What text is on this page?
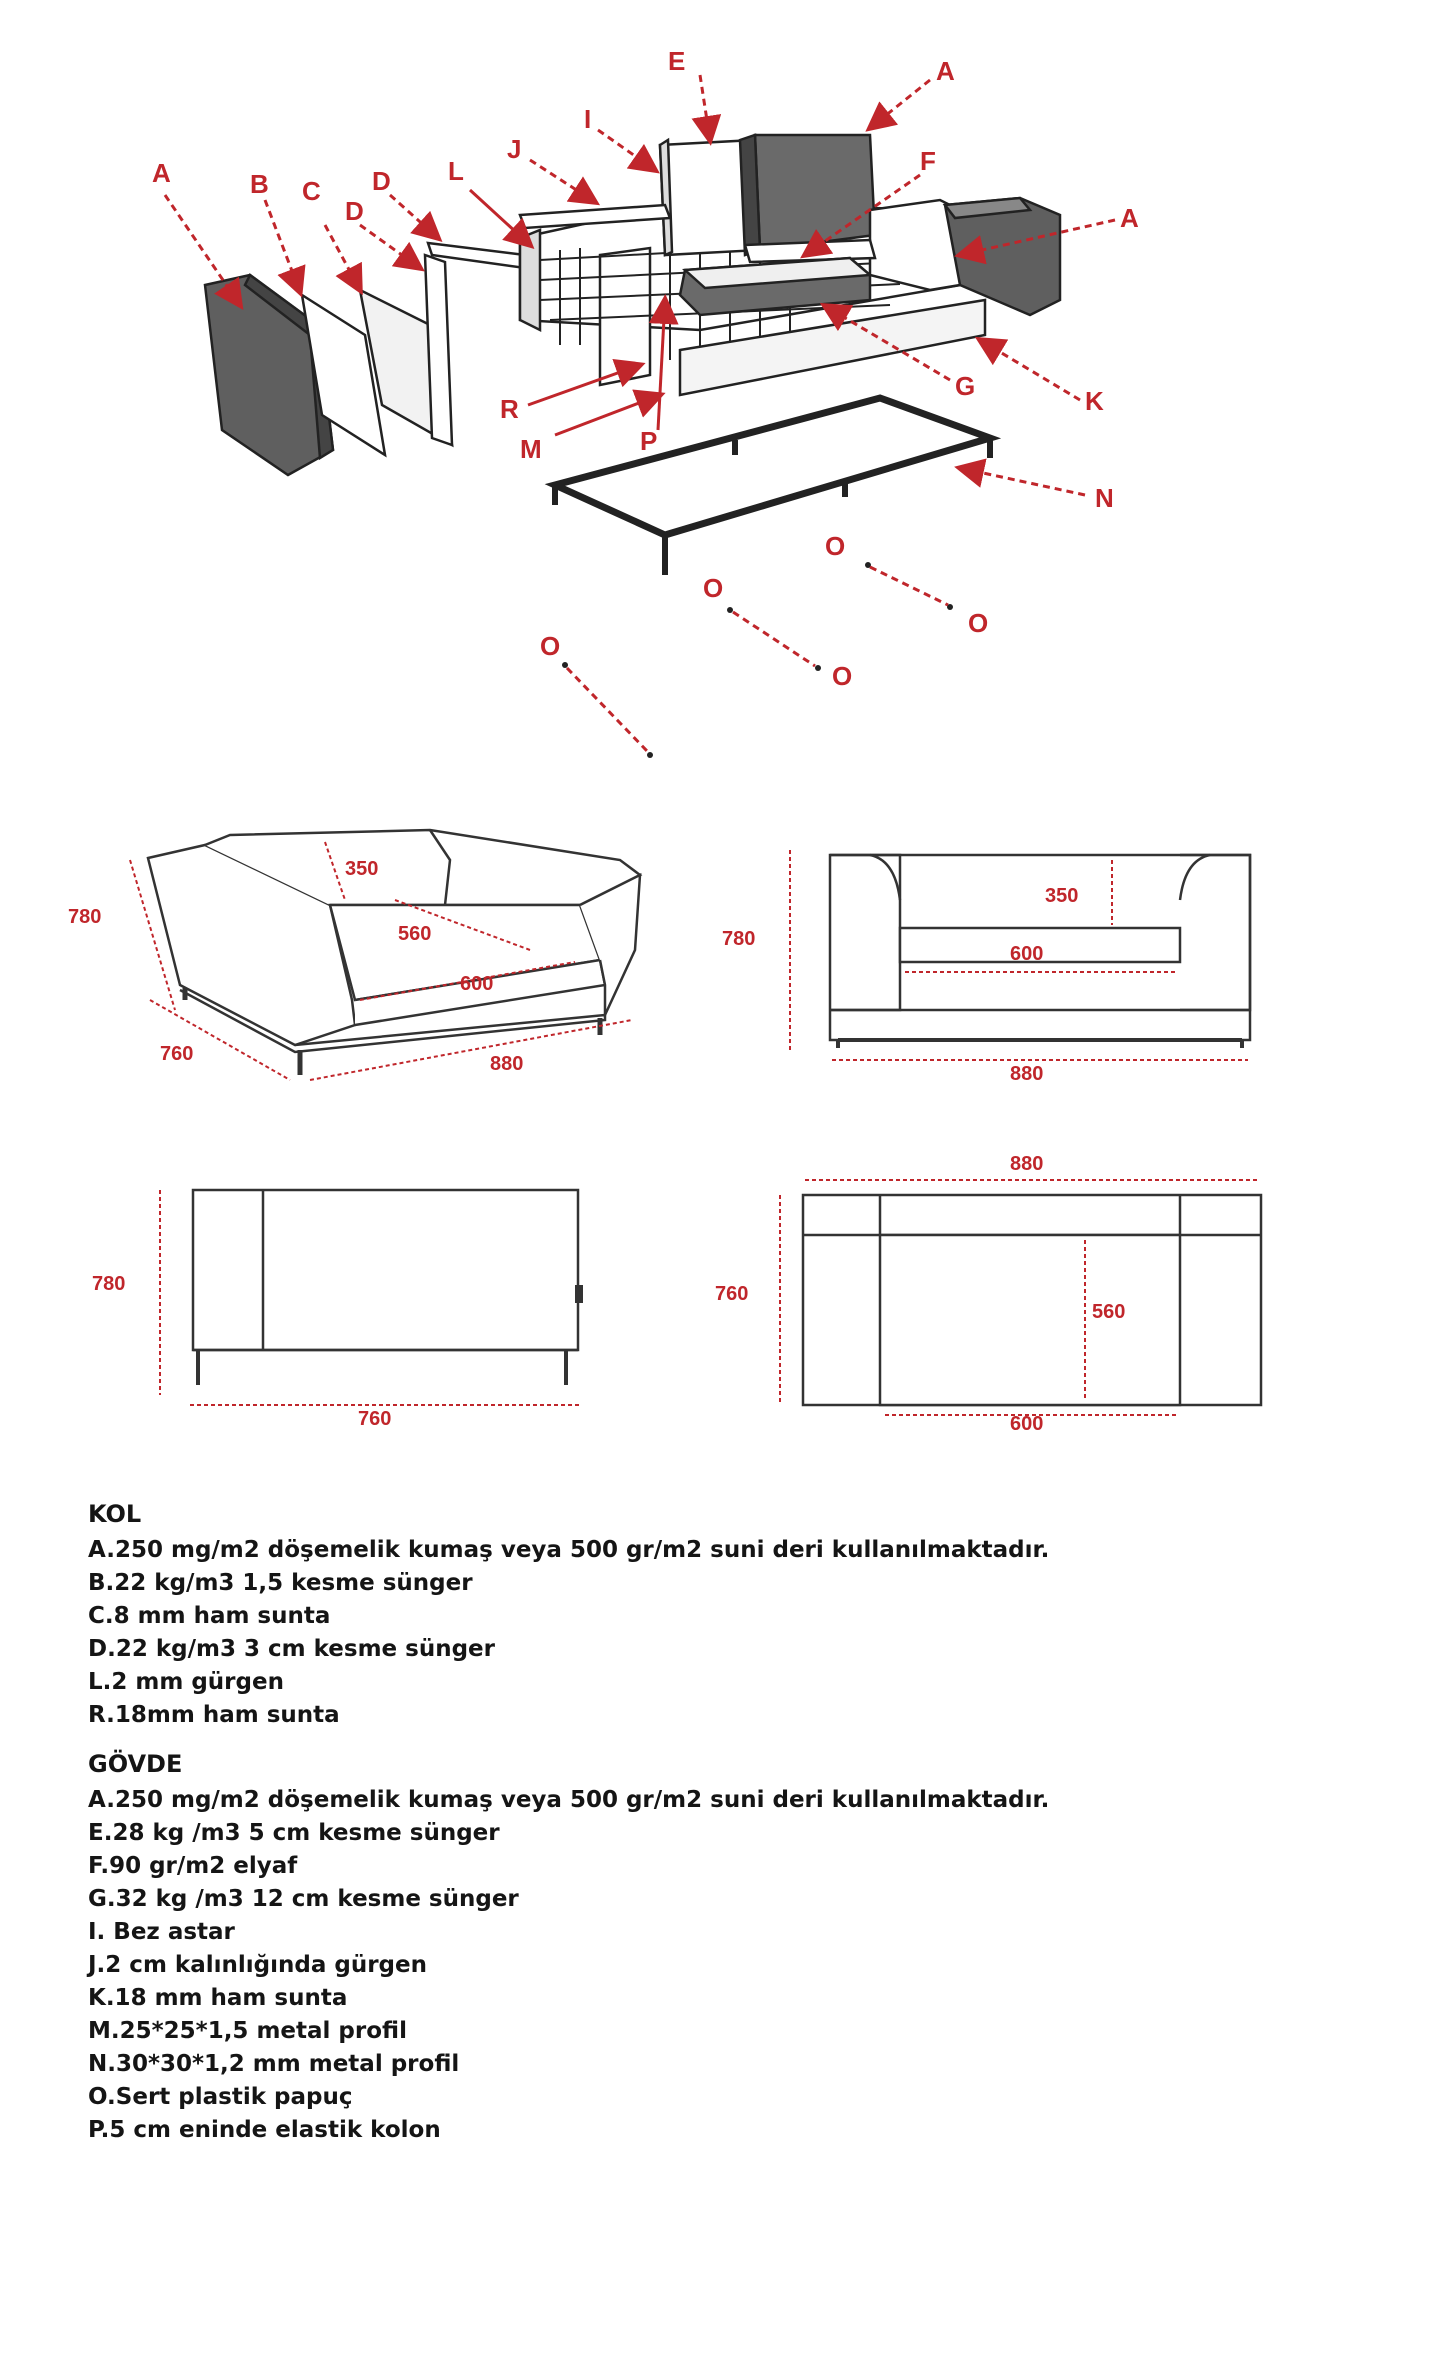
A	B C D
D
L
J
I
E	A
F
A
G	K
N
R
M	P
O
O
O
O
O
780
760	880
600
560
350
780
880
350
600
780
760
880
760
560
600
KOL
A.250 mg/m2 döşemelik kumaş veya 500 gr/m2 suni deri kullanılmaktadır.
B.22 kg/m3 1,5 kesme sünger
C.8 mm ham sunta
D.22 kg/m3 3 cm kesme sünger
L.2 mm gürgen
R.18mm ham sunta
GÖVDE
A.250 mg/m2 döşemelik kumaş veya 500 gr/m2 suni deri kullanılmaktadır.
E.28 kg /m3 5 cm kesme sünger
F.90 gr/m2 elyaf
G.32 kg /m3 12 cm kesme sünger
I. Bez astar
J.2 cm kalınlığında gürgen
K.18 mm ham sunta
M.25*25*1,5 metal profil
N.30*30*1,2 mm metal profil
O.Sert plastik papuç
P.5 cm eninde elastik kolon
